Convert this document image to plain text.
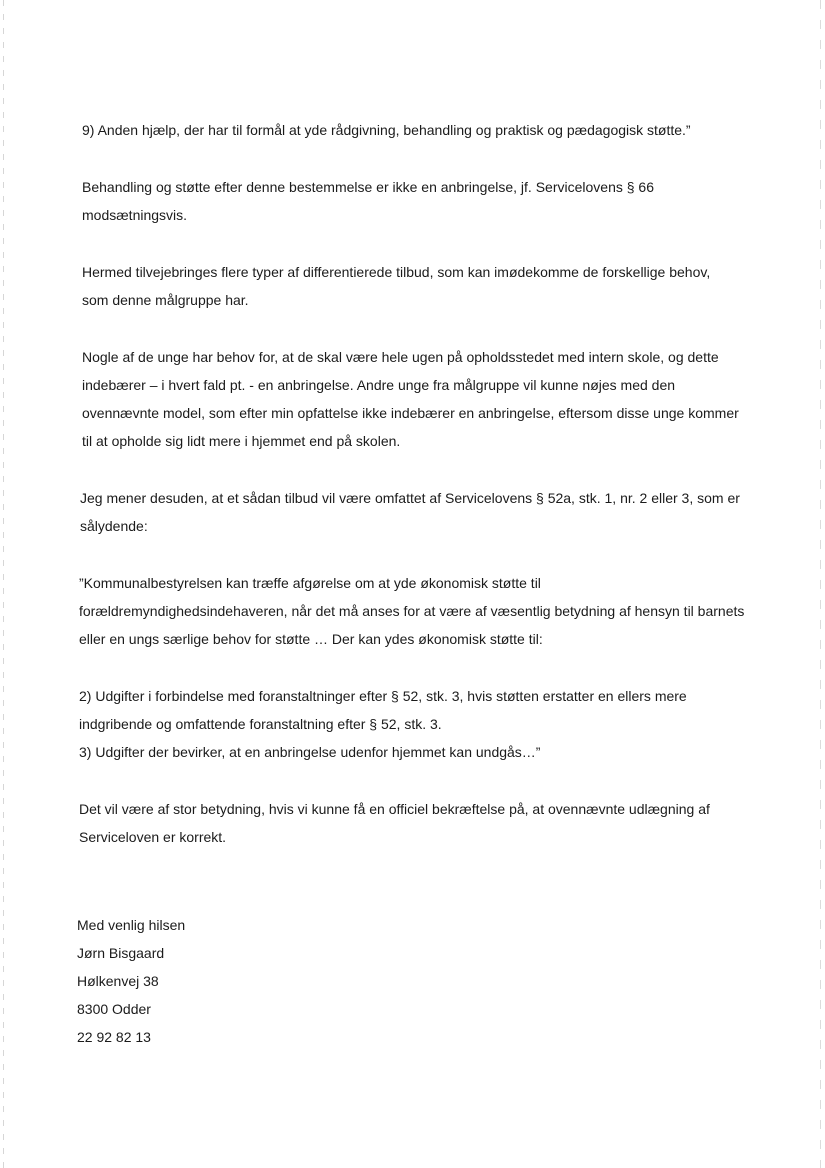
9) Anden hjælp, der har til formål at yde rådgivning, behandling og praktisk og pædagogisk støtte.”

Behandling og støtte efter denne bestemmelse er ikke en anbringelse, jf. Servicelovens § 66
modsætningsvis.

Hermed tilvejebringes flere typer af differentierede tilbud, som kan imødekomme de forskellige behov,
som denne målgruppe har.

Nogle af de unge har behov for, at de skal være hele ugen på opholdsstedet med intern skole, og dette
indebærer – i hvert fald pt. - en anbringelse. Andre unge fra målgruppe vil kunne nøjes med den
ovennævnte model, som efter min opfattelse ikke indebærer en anbringelse, eftersom disse unge kommer
til at opholde sig lidt mere i hjemmet end på skolen.

Jeg mener desuden, at et sådan tilbud vil være omfattet af Servicelovens § 52a, stk. 1, nr. 2 eller 3, som er
sålydende:

”Kommunalbestyrelsen kan træffe afgørelse om at yde økonomisk støtte til
forældremyndighedsindehaveren, når det må anses for at være af væsentlig betydning af hensyn til barnets
eller en ungs særlige behov for støtte … Der kan ydes økonomisk støtte til:

2) Udgifter i forbindelse med foranstaltninger efter § 52, stk. 3, hvis støtten erstatter en ellers mere
indgribende og omfattende foranstaltning efter § 52, stk. 3.
3) Udgifter der bevirker, at en anbringelse udenfor hjemmet kan undgås…”

Det vil være af stor betydning, hvis vi kunne få en officiel bekræftelse på, at ovennævnte udlægning af
Serviceloven er korrekt.

Med venlig hilsen
Jørn Bisgaard
Hølkenvej 38
8300 Odder
22 92 82 13
